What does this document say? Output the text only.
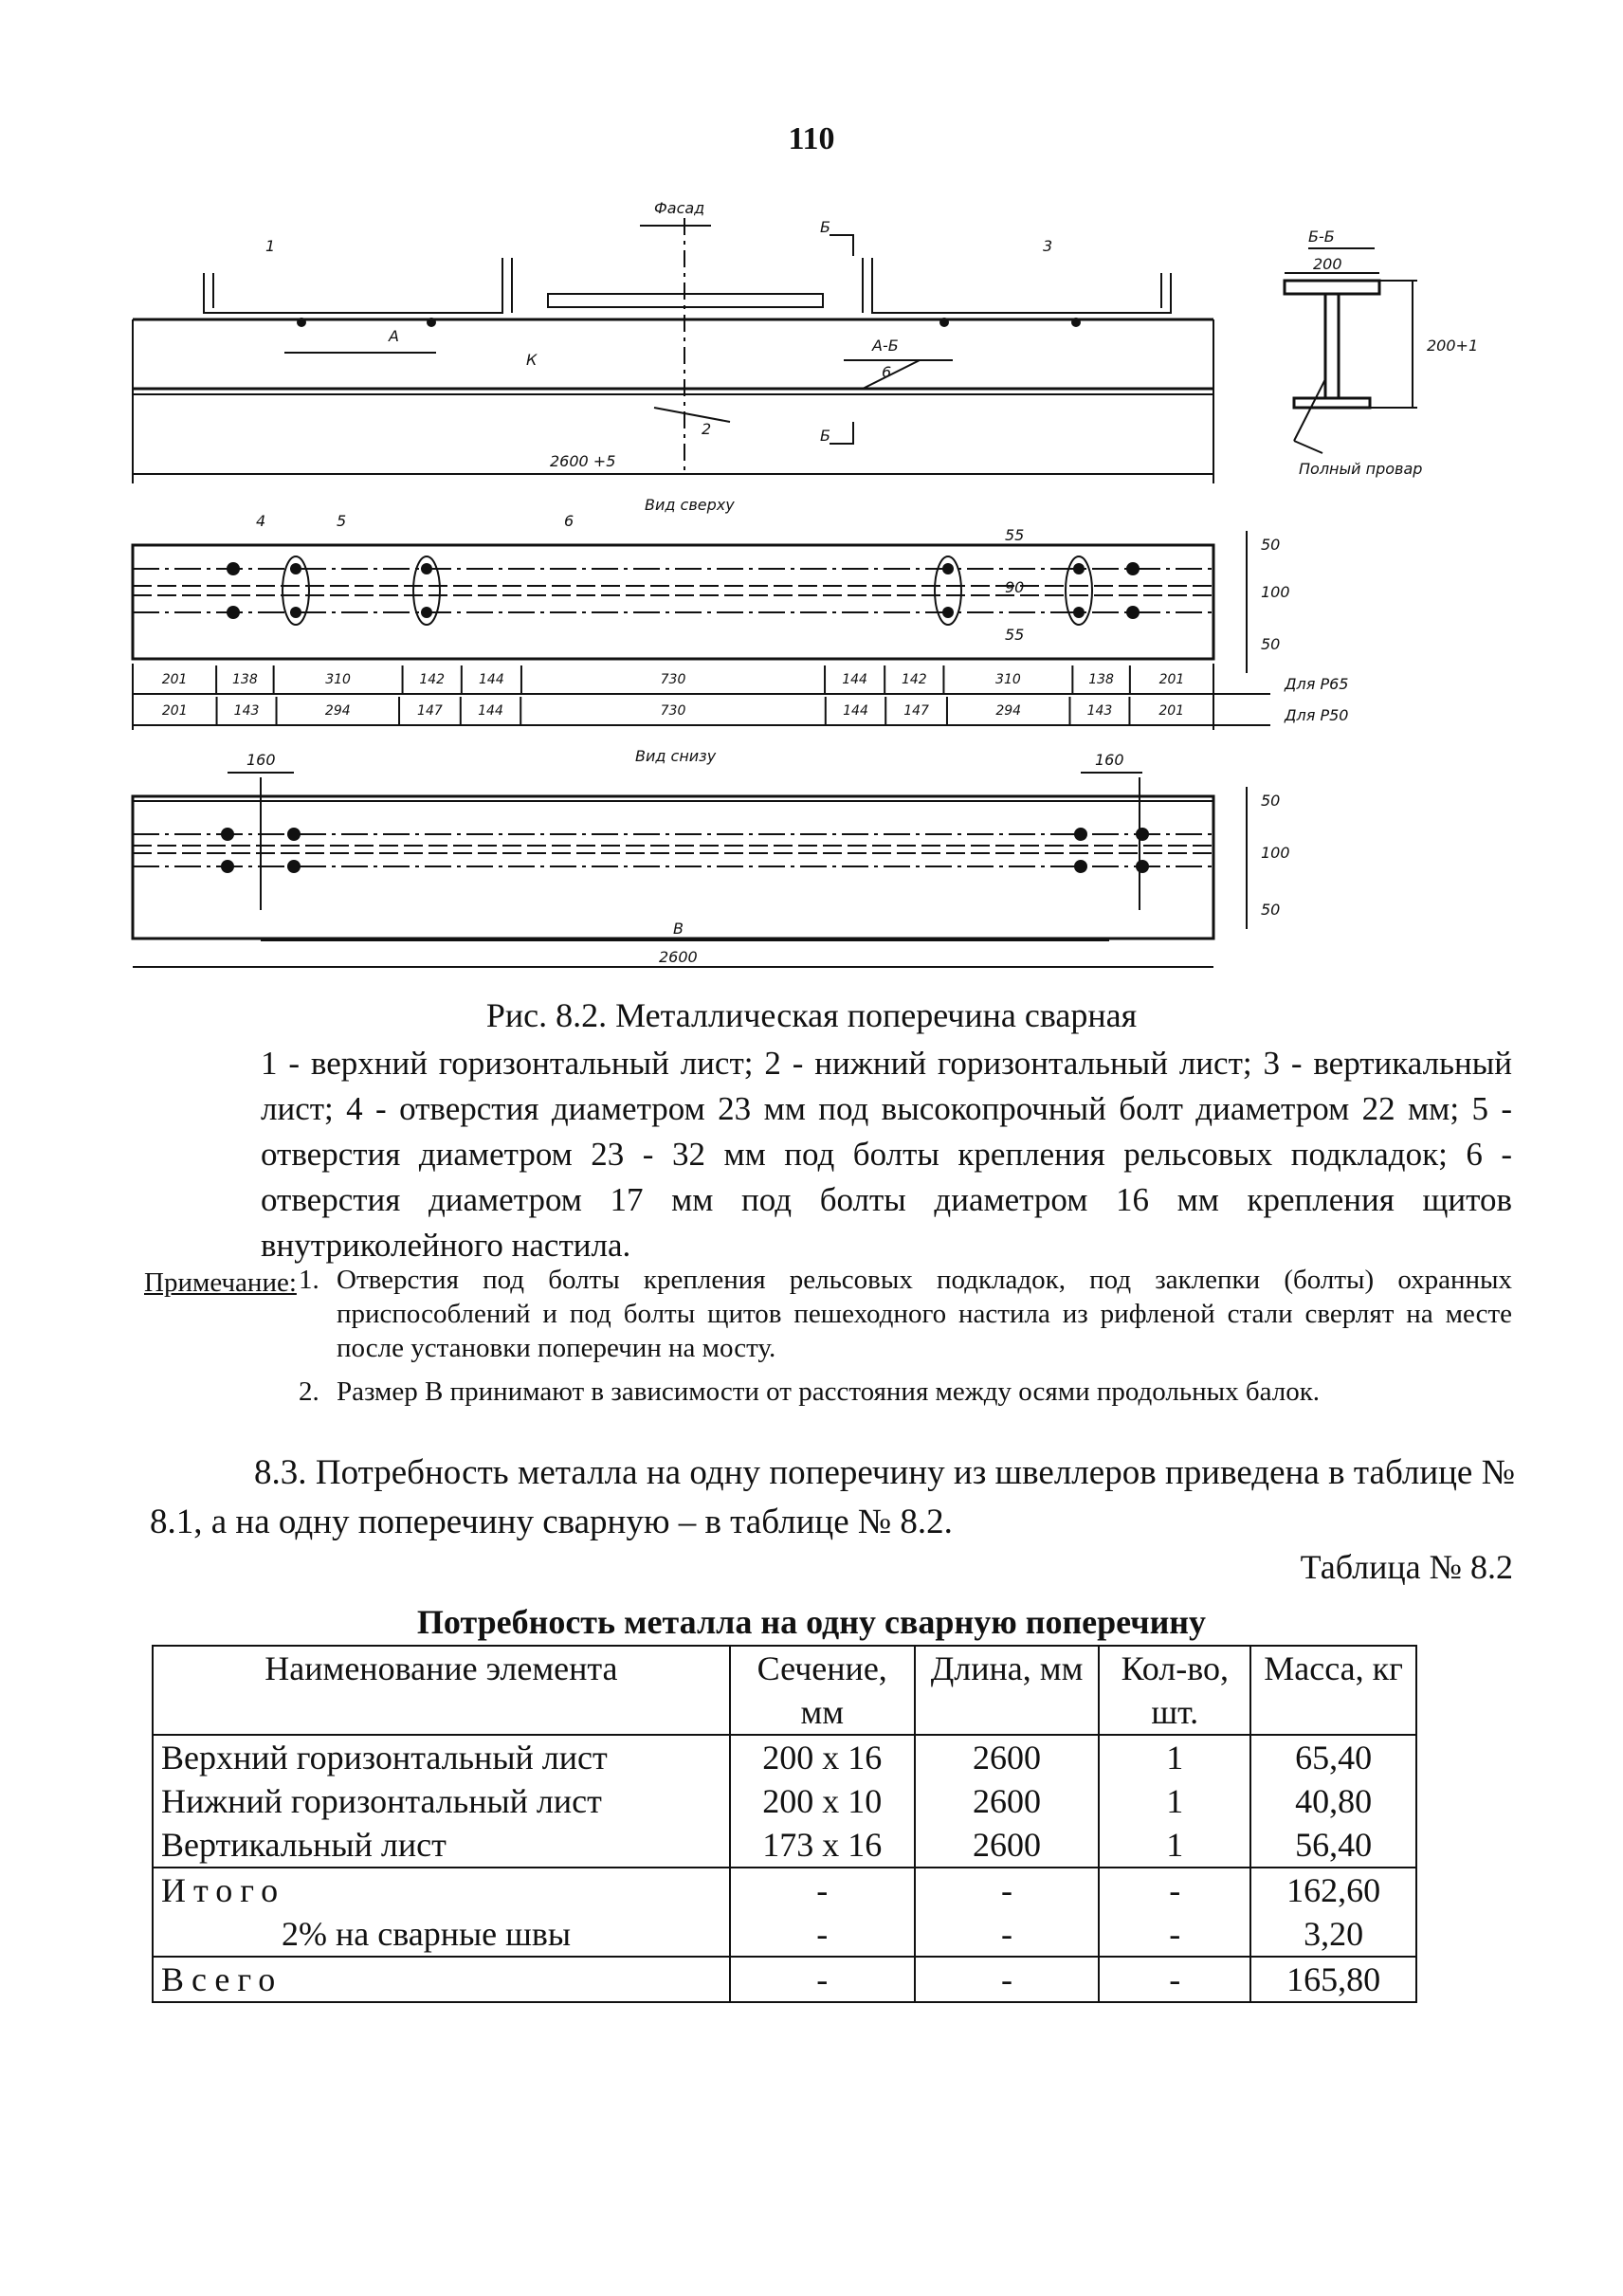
110
Фасад
Б
Б
Б-Б
200
200+1
Полный провар
1
2
3
4	5	6
А
К
А-Б
6
2600 +5
Вид сверху
Для Р65
Для Р50
50
100
50
55
90
55
Вид снизу
160	160
В
2600
50
100
50
201	138	310	142	144	730	144	142	310	138	201
201	143	294	147	144	730	144	147	294	143	201
Рис. 8.2. Металлическая поперечина сварная
1 - верхний горизонтальный лист; 2 - нижний горизонтальный лист; 3 - вертикальный лист; 4 - отверстия диаметром 23 мм под высокопрочный болт диаметром 22 мм; 5 - отверстия диаметром 23 - 32 мм под болты крепления рельсовых подкладок; 6 - отверстия диаметром 17 мм под болты диаметром 16 мм крепления щитов внутриколейного настила.
Примечание: 1. Отверстия под болты крепления рельсовых подкладок, под заклепки (болты) охранных приспособлений и под болты щитов пешеходного настила из рифленой стали сверлят на месте после установки поперечин на мосту.
2. Размер В принимают в зависимости от расстояния между осями продольных балок.
8.3. Потребность металла на одну поперечину из швеллеров приведена в таблице № 8.1, а на одну поперечину сварную – в таблице № 8.2.
Таблица № 8.2
Потребность металла на одну сварную поперечину
Наименование элемента	Сечение, мм	Длина, мм	Кол-во, шт.	Масса, кг
Верхний горизонтальный лист	200 х 16	2600	1	65,40
Нижний горизонтальный лист	200 х 10	2600	1	40,80
Вертикальный лист	173 х 16	2600	1	56,40
Итого	-	-	-	162,60
2% на сварные швы	-	-	-	3,20
Всего	-	-	-	165,80
